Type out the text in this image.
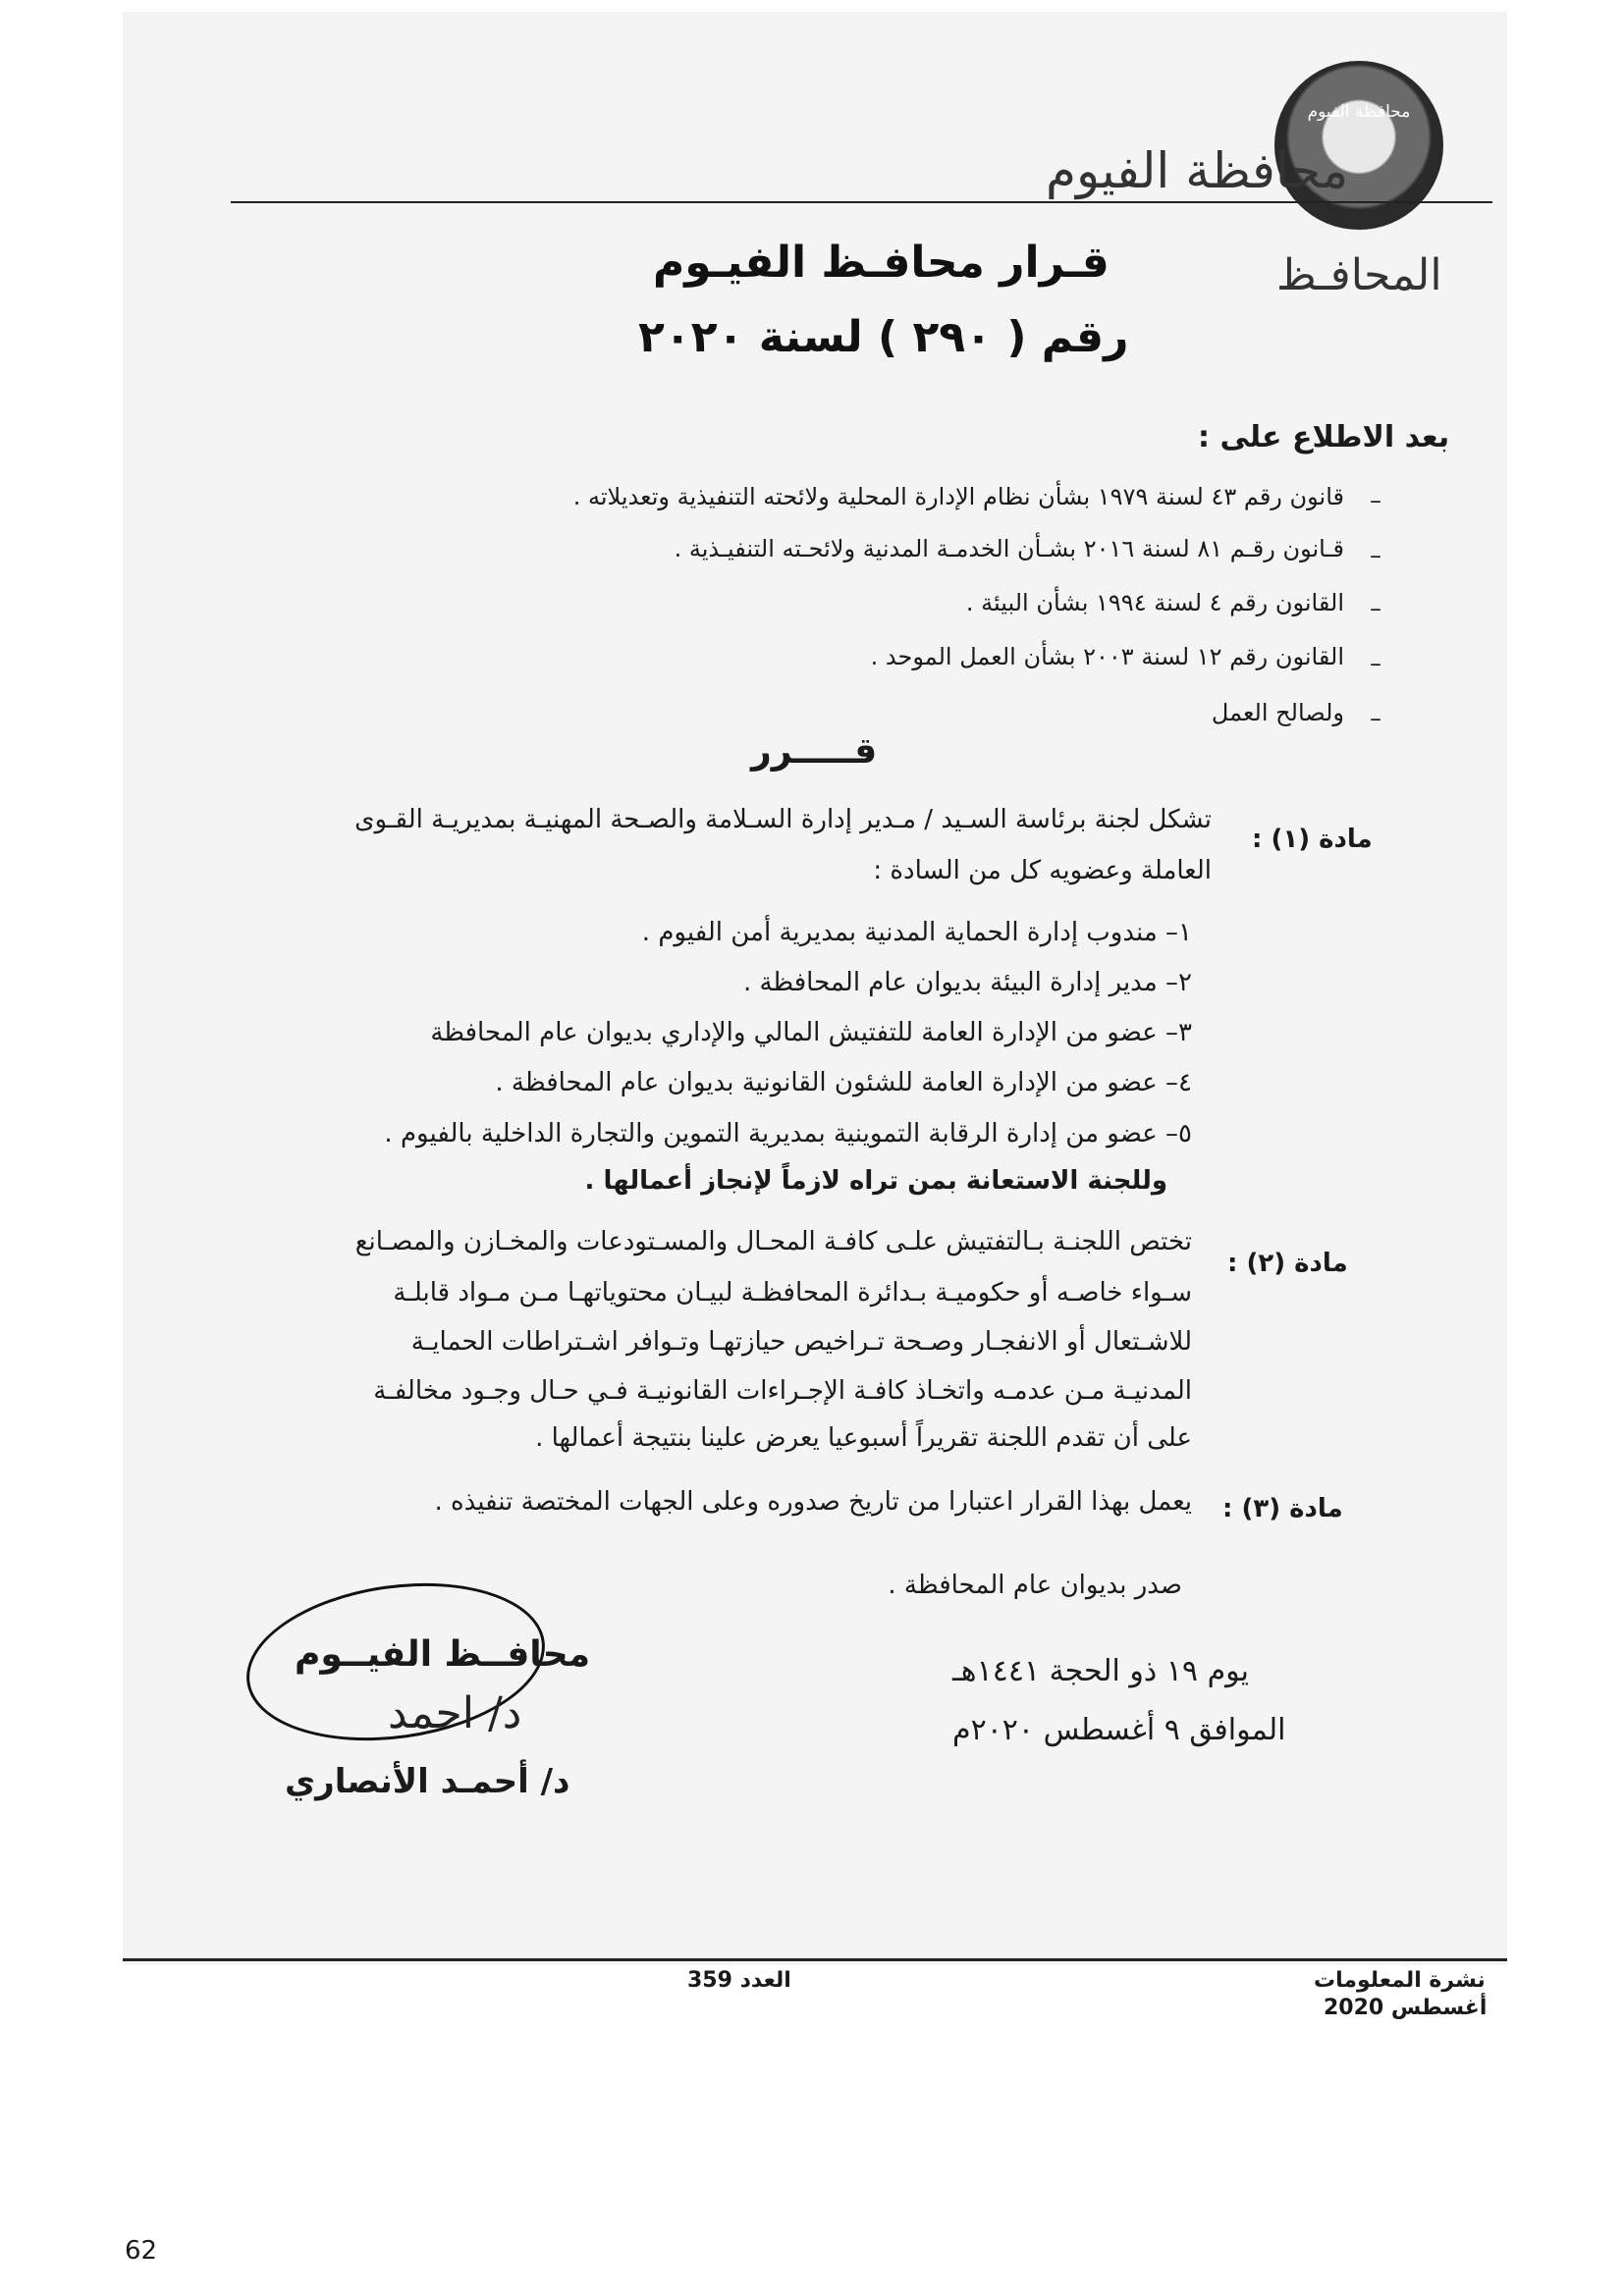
محافظة الفيوم
محافظة الفيوم
المحافـظ
قـرار محافـظ الفيـوم
رقم ( ٢٩٠ ) لسنة ٢٠٢٠
بعد الاطلاع على :
قانون رقم ٤٣ لسنة ١٩٧٩ بشأن نظام الإدارة المحلية ولائحته التنفيذية وتعديلاته . –
قـانون رقـم ٨١ لسنة ٢٠١٦ بشـأن الخدمـة المدنية ولائحـته التنفيـذية . –
القانون رقم ٤ لسنة ١٩٩٤ بشأن البيئة . –
القانون رقم ١٢ لسنة ٢٠٠٣ بشأن العمل الموحد . –
ولصالح العمل –
قـــــرر
مادة (١) :
تشكل لجنة برئاسة السـيد / مـدير إدارة السـلامة والصـحة المهنيـة بمديريـة القـوى
العاملة وعضويه كل من السادة :
١– مندوب إدارة الحماية المدنية بمديرية أمن الفيوم .
٢– مدير إدارة البيئة بديوان عام المحافظة .
٣– عضو من الإدارة العامة للتفتيش المالي والإداري بديوان عام المحافظة
٤– عضو من الإدارة العامة للشئون القانونية بديوان عام المحافظة .
٥– عضو من إدارة الرقابة التموينية بمديرية التموين والتجارة الداخلية بالفيوم .
وللجنة الاستعانة بمن تراه لازماً لإنجاز أعمالها .
مادة (٢) :
تختص اللجنـة بـالتفتيش علـى كافـة المحـال والمسـتودعات والمخـازن والمصـانع
سـواء خاصـه أو حكوميـة بـدائرة المحافظـة لبيـان محتوياتهـا مـن مـواد قابلـة
للاشـتعال أو الانفجـار وصـحة تـراخيص حيازتهـا وتـوافر اشـتراطات الحمايـة
المدنيـة مـن عدمـه واتخـاذ كافـة الإجـراءات القانونيـة فـي حـال وجـود مخالفـة
على أن تقدم اللجنة تقريراً أسبوعيا يعرض علينا بنتيجة أعمالها .
مادة (٣) :
يعمل بهذا القرار اعتبارا من تاريخ صدوره وعلى الجهات المختصة تنفيذه .
صدر بديوان عام المحافظة .
محافــظ الفيــوم
د/ احمد
د/ أحمـد الأنصاري
يوم ١٩ ذو الحجة ١٤٤١هـ
الموافق ٩ أغسطس ٢٠٢٠م
العدد 359	نشرة المعلومات
أغسطس 2020
62
